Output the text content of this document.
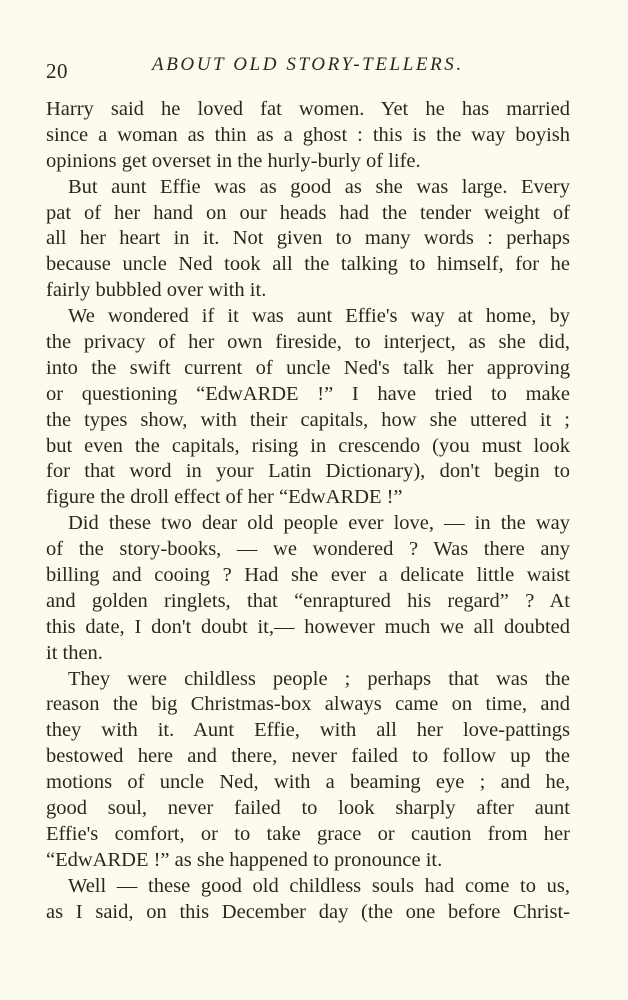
20	ABOUT OLD STORY-TELLERS.
Harry said he loved fat women. Yet he has married
since a woman as thin as a ghost : this is the way boyish
opinions get overset in the hurly-burly of life.
But aunt Effie was as good as she was large. Every
pat of her hand on our heads had the tender weight of
all her heart in it. Not given to many words : perhaps
because uncle Ned took all the talking to himself, for he
fairly bubbled over with it.
We wondered if it was aunt Effie's way at home, by
the privacy of her own fireside, to interject, as she did,
into the swift current of uncle Ned's talk her approving
or questioning “EdwARDE !” I have tried to make
the types show, with their capitals, how she uttered it ;
but even the capitals, rising in crescendo (you must look
for that word in your Latin Dictionary), don't begin to
figure the droll effect of her “EdwARDE !”
Did these two dear old people ever love, — in the way
of the story-books, — we wondered ? Was there any
billing and cooing ? Had she ever a delicate little waist
and golden ringlets, that “enraptured his regard” ? At
this date, I don't doubt it,— however much we all doubted
it then.
They were childless people ; perhaps that was the
reason the big Christmas-box always came on time, and
they with it. Aunt Effie, with all her love-pattings
bestowed here and there, never failed to follow up the
motions of uncle Ned, with a beaming eye ; and he,
good soul, never failed to look sharply after aunt
Effie's comfort, or to take grace or caution from her
“EdwARDE !” as she happened to pronounce it.
Well — these good old childless souls had come to us,
as I said, on this December day (the one before Christ-
